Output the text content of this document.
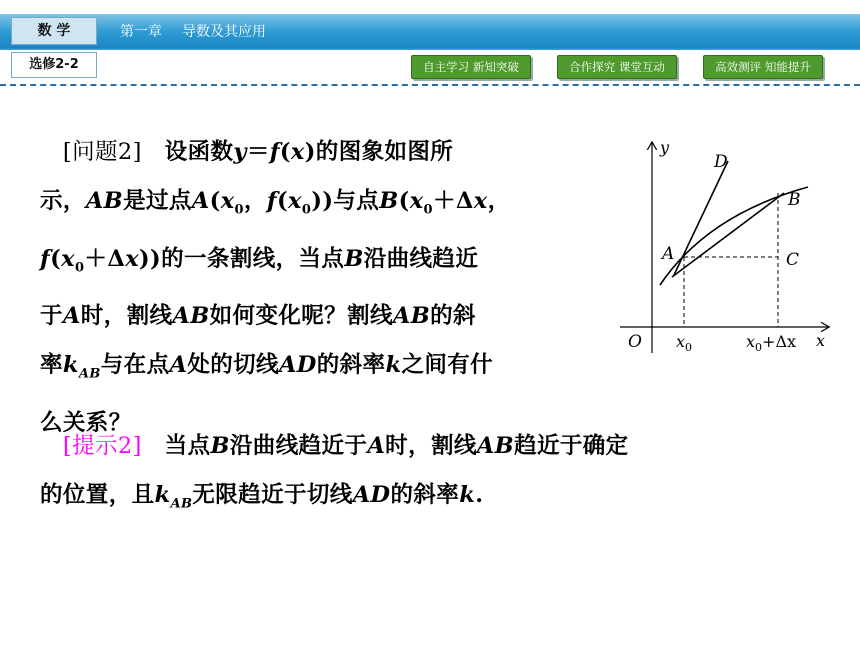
数 学	第一章 导数及其应用
选修2-2	自主学习 新知突破	合作探究 课堂互动	高效测评 知能提升
　[问题2]　设函数y＝f(x)的图象如图所
示，AB是过点$A(x_0$，$f(x_0)$)与点$B(x_0+\Delta x$，
$f(x_0+\Delta x)$)的一条割线，当点B沿曲线趋近
于A时，割线AB如何变化呢？割线AB的斜
率$k_{AB}$与在点A处的切线AD的斜率k之间有什
么关系？
　[提示2]　当点B沿曲线趋近于A时，割线AB趋近于确定
的位置，且$k_{AB}$无限趋近于切线AD的斜率k.
y
x
O $x_0$	$x_0+\Delta x$
D
B
A	C
